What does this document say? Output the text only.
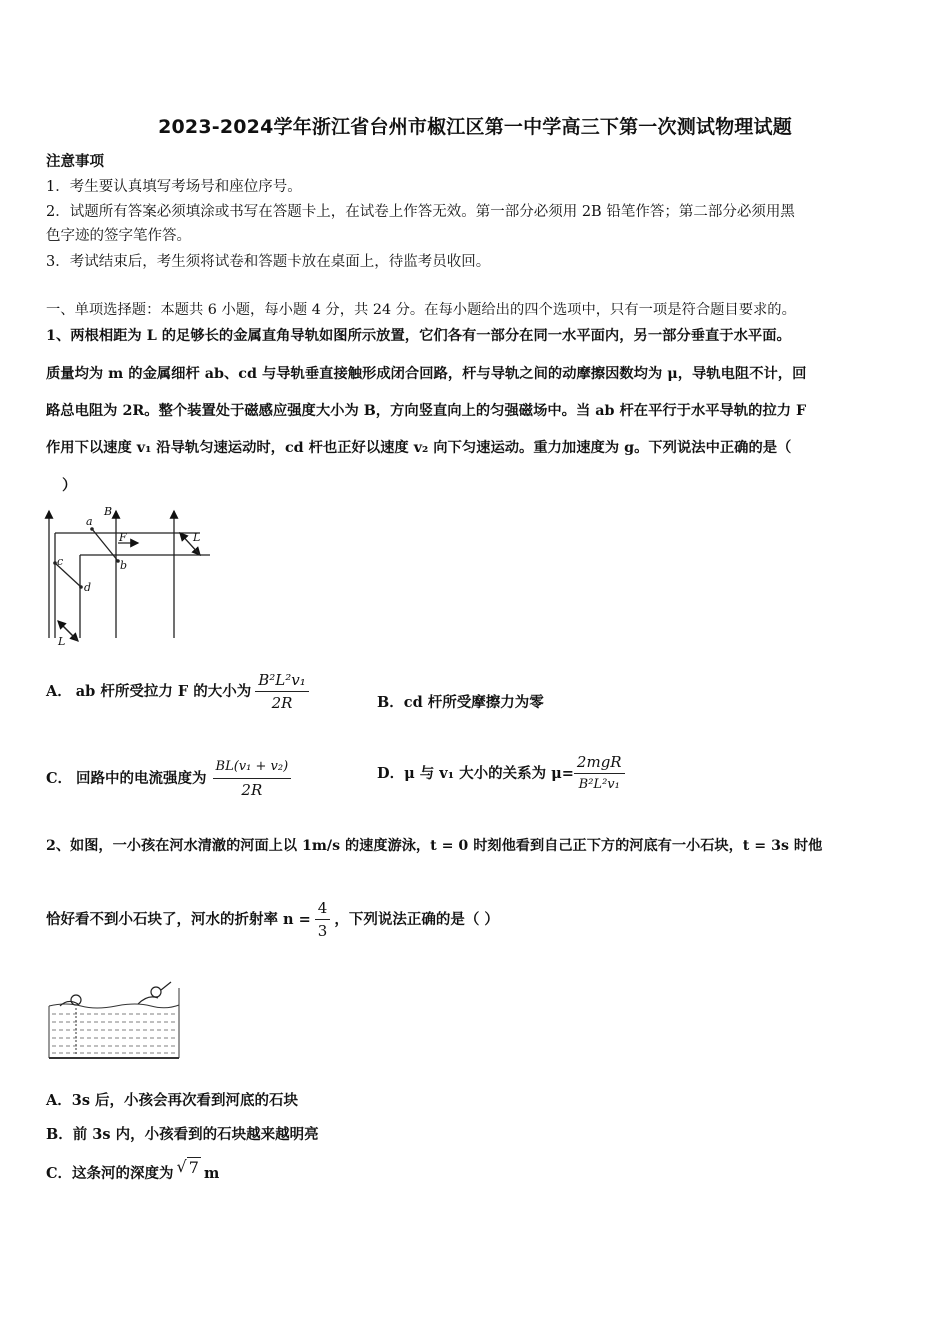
2023-2024学年浙江省台州市椒江区第一中学高三下第一次测试物理试题
注意事项
1．考生要认真填写考场号和座位序号。
2．试题所有答案必须填涂或书写在答题卡上，在试卷上作答无效。第一部分必须用 2B 铅笔作答；第二部分必须用黑
色字迹的签字笔作答。
3．考试结束后，考生须将试卷和答题卡放在桌面上，待监考员收回。
一、单项选择题：本题共 6 小题，每小题 4 分，共 24 分。在每小题给出的四个选项中，只有一项是符合题目要求的。
1、两根相距为 L 的足够长的金属直角导轨如图所示放置，它们各有一部分在同一水平面内，另一部分垂直于水平面。
质量均为 m 的金属细杆 ab、cd 与导轨垂直接触形成闭合回路，杆与导轨之间的动摩擦因数均为 μ，导轨电阻不计，回
路总电阻为 2R。整个装置处于磁感应强度大小为 B，方向竖直向上的匀强磁场中。当 ab 杆在平行于水平导轨的拉力 F
作用下以速度 v₁ 沿导轨匀速运动时，cd 杆也正好以速度 v₂ 向下匀速运动。重力加速度为 g。下列说法中正确的是（
）
B
a
F
b
c
d
L
L
A． ab 杆所受拉力 F 的大小为 $\frac{\text{B²L²v₁}}{2R}$	B．cd 杆所受摩擦力为零
C． 回路中的电流强度为 $\frac{\text{BL(v₁ + v₂)}}{2R}$	D． μ 与 v₁ 大小的关系为 $\mu= \frac{\text{2mgR}}{\text{B²L²v₁}}$
2、如图，一小孩在河水清澈的河面上以 1m/s 的速度游泳，t = 0 时刻他看到自己正下方的河底有一小石块，t = 3s 时他
恰好看不到小石块了，河水的折射率 $n = \frac{4}{3}$ ，下列说法正确的是（ ）
A．3s 后，小孩会再次看到河底的石块
B．前 3s 内，小孩看到的石块越来越明亮
C．这条河的深度为 √ 7 m
